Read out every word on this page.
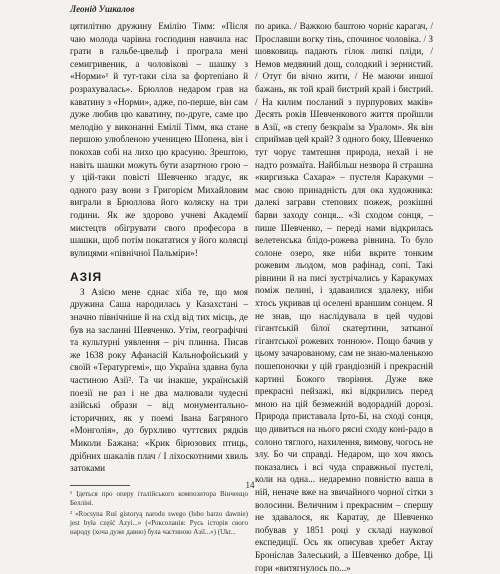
Леонід Ушкалов

цятилітню дружину Емілію Тімм: «Після чаю молода чарівна господиня навчила нас грати в гальбе-цвельф і програла мені семигривеник, а чоловікові – шашку з «Норми»¹ й тут-таки сіла за фортепіано й розрахувалась». Брюллов недаром грав на каватину з «Норми», адже, по-перше, він сам дуже любив цю каватину, по-друге, саме цю мелодію у виконанні Емілії Тімм, яка стане першою улюбленою ученицею Шопена, він і покохав собі на лихо цю красуню. Зрештою, навіть шашки можуть бути азартною грою – у цій-таки повісті Шевченко згадує, як одного разу вони з Григорієм Михайловим виграли в Брюллова його коляску на три години. Як же здорово учневі Академії мистецтв обігрувати свого професора в шашки, щоб потім покататися у його колясці вулицями «північної Пальміри»!

АЗІЯ

З Азією мене єднає хіба те, що моя дружина Саша народилась у Казахстані – значно північніше й на схід від тих місць, де був на засланні Шевченко. Утім, географічні та культурні уявлення – річ плинна. Писав же 1638 року Афанасій Кальнофойський у своїй «Тератургемі», що Україна здавна була частиною Азії². Та чи інакше, українській поезії не раз і не два малювали чудесні азійські образи – від монументально-історичних, як у поемі Івана Багряного «Монголія», до бурхливо чуттєвих рядків Миколи Бажана: «Крик бірюзових птиць, дрібних шакалів плач / І ліхоскотними хвиль затоками

¹ Ідеться про оперу італійського композитора Вінченцо Белліні.

² «Rocsyna Ruś gistoryą narodu swego (lubo barzo dawnie) jest była część Azyi...» («Роксоланія: Русь історія свого народу (хоча дуже давно) була частиною Азії...») (Ukr...

по арика. / Важкою баштою чорніє карагач, / Прославши вогку тінь, спочиноє чоловіка. / З шовковиць падають гілок липкі пліди, / Немов медвяний дощ, солодкий і зернистий. / Отут би вічно жити, / Не маючи иншої бажань, як той край бистрий край і бистрий. / На килим посланий з пурпурових маків» Десять років Шевченкового життя пройшли в Азії, «в степу безкраїм за Уралом». Як він сприймав цей край? З одного боку, Шевченко тут чорує тамтешня природа, нехай і не надто розмаїта. Найбільш незвора й страшна «киргизька Сахара» – пустеля Каракуми – має свою принадність для ока художника: далекі заграви степових пожеж, розкішні барви заходу сонця... «Зі сходом сонця, – пише Шевченко, – переді нами відкрилась велетенська блідо-рожева рівнина. То було солоне озеро, яке ніби вкрите тонким рожевим льодом, мов рафінад, сопі. Такі рівнини й на писі зустрічались у Каракумах поміж пелині, і здаваилися здалеку, ніби хтось укривав ці оселені враншим сонцем. Я не знав, що наслідувала в цей чудові гігантській білої скатертини, затканої гігантської рожевих тонною». Пощо бачив у цьому зачарованому, сам не знаю-маленькою пошепоночки у цій грандіозній і прекрасній картині Божого творіння. Дуже вже прекрасні пейзажі, які відкрились перед мною на цій безмежній водорадній дорозі. Природа приставала Ірто-Бі, на сході сонця, що дивиться на нього рясні сходу коні-радо в солоно тяглого, нахилення, вимову, чогось не злу. Бо чи справді. Недаром, що хоч якось показались і всі чуда справжньої пустелі, коли на одна... недаремно повністю ваша в ній, неначе вже на звичайного чорної сітки з волосини. Величним і прекрасним – спершу не здавалося, як Каратау, де Шевченко побував у 1851 році у складі наукової експедиції. Ось як описував хребет Актау Броніслав Залеський, а Шевченко добре, Ці гори «витягнулось по...»

14
